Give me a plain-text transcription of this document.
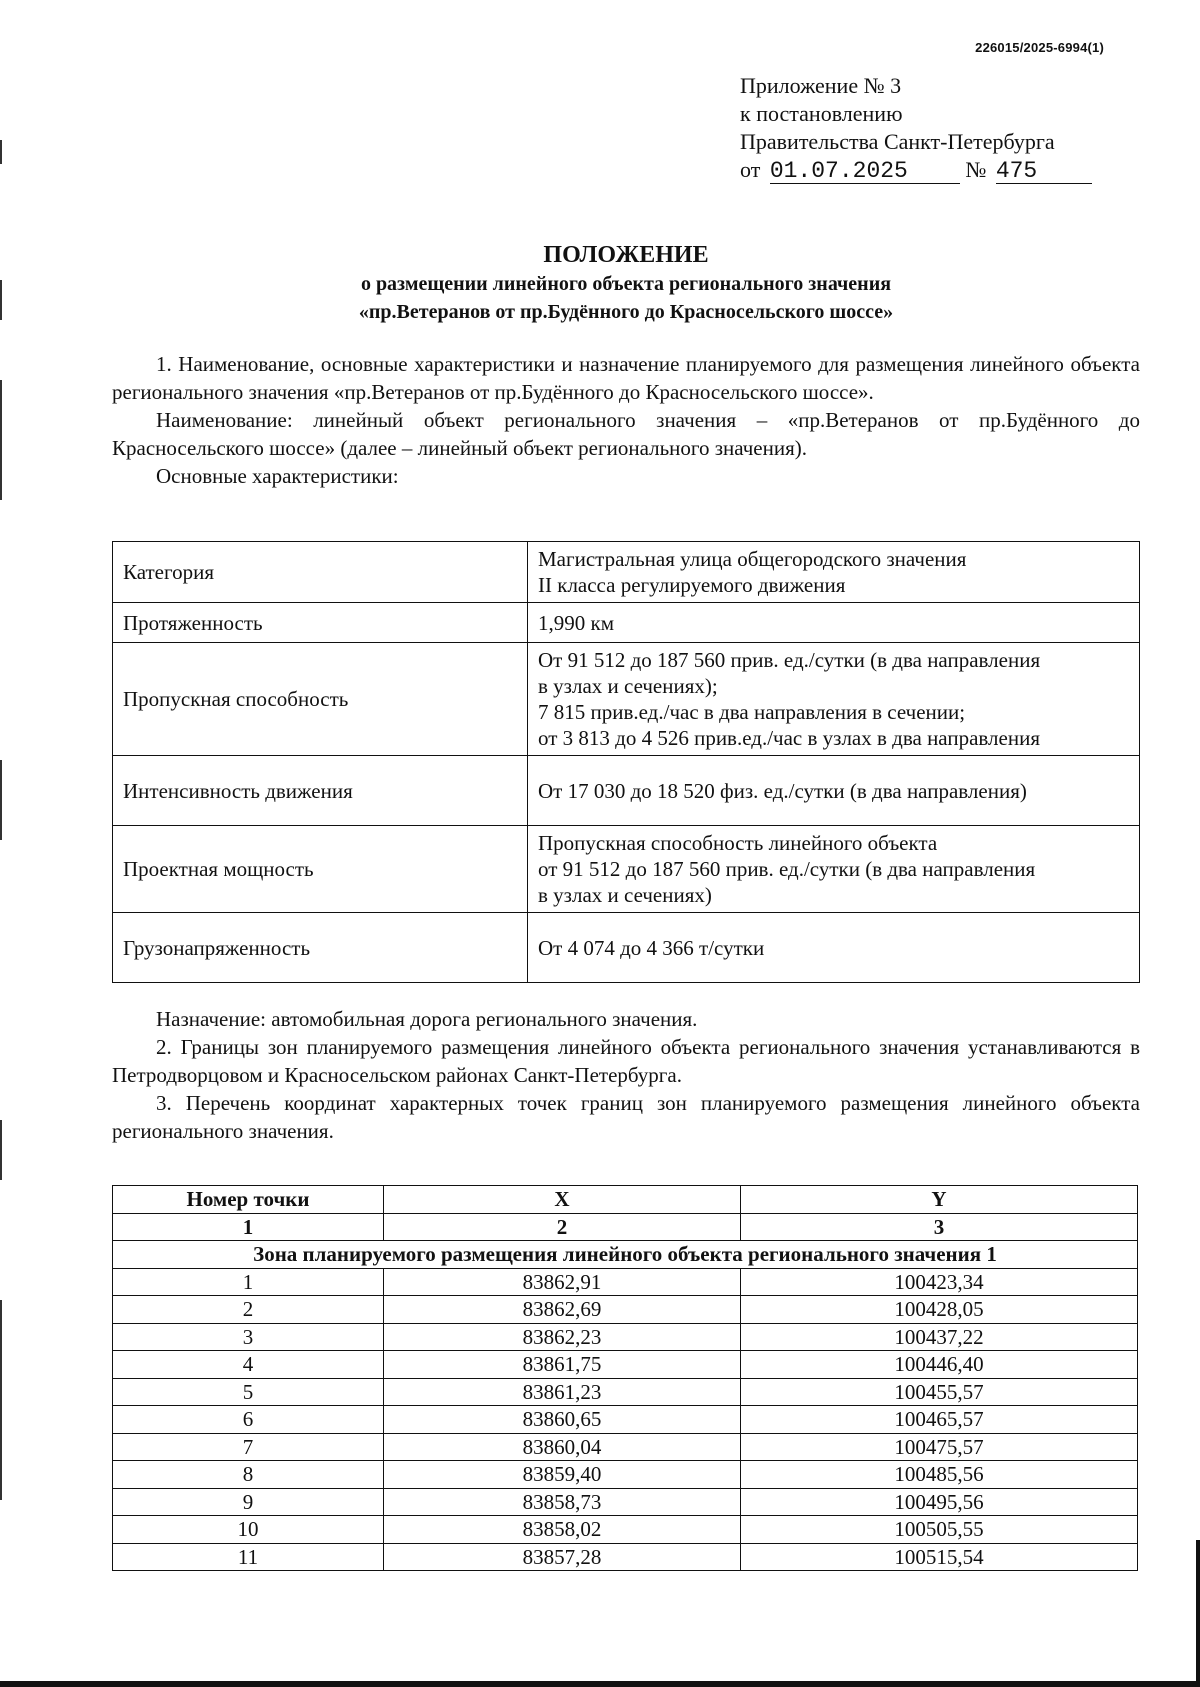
226015/2025-6994(1)
Приложение № 3
к постановлению
Правительства Санкт-Петербурга
от 01.07.2025	№ 475
ПОЛОЖЕНИЕ
о размещении линейного объекта регионального значения
«пр.Ветеранов от пр.Будённого до Красносельского шоссе»

1. Наименование, основные характеристики и назначение планируемого для размещения линейного объекта регионального значения «пр.Ветеранов от пр.Будённого до Красносельского шоссе».

Наименование: линейный объект регионального значения – «пр.Ветеранов от пр.Будённого до Красносельского шоссе» (далее – линейный объект регионального значения).

Основные характеристики:

Категория	Магистральная улица общегородского значения
II класса регулируемого движения

Протяженность	1,990 км

Пропускная способность	От 91 512 до 187 560 прив. ед./сутки (в два направления
в узлах и сечениях);
7 815 прив.ед./час в два направления в сечении;
от 3 813 до 4 526 прив.ед./час в узлах в два направления

Интенсивность движения	От 17 030 до 18 520 физ. ед./сутки (в два направления)

Проектная мощность	Пропускная способность линейного объекта
от 91 512 до 187 560 прив. ед./сутки (в два направления
в узлах и сечениях)

Грузонапряженность	От 4 074 до 4 366 т/сутки

Назначение: автомобильная дорога регионального значения.

2. Границы зон планируемого размещения линейного объекта регионального значения устанавливаются в Петродворцовом и Красносельском районах Санкт-Петербурга.

3. Перечень координат характерных точек границ зон планируемого размещения линейного объекта регионального значения.

Номер точки	X	Y
1	2	3
Зона планируемого размещения линейного объекта регионального значения 1		
1	83862,91	100423,34
2	83862,69	100428,05
3	83862,23	100437,22
4	83861,75	100446,40
5	83861,23	100455,57
6	83860,65	100465,57
7	83860,04	100475,57
8	83859,40	100485,56
9	83858,73	100495,56
10	83858,02	100505,55
11	83857,28	100515,54
